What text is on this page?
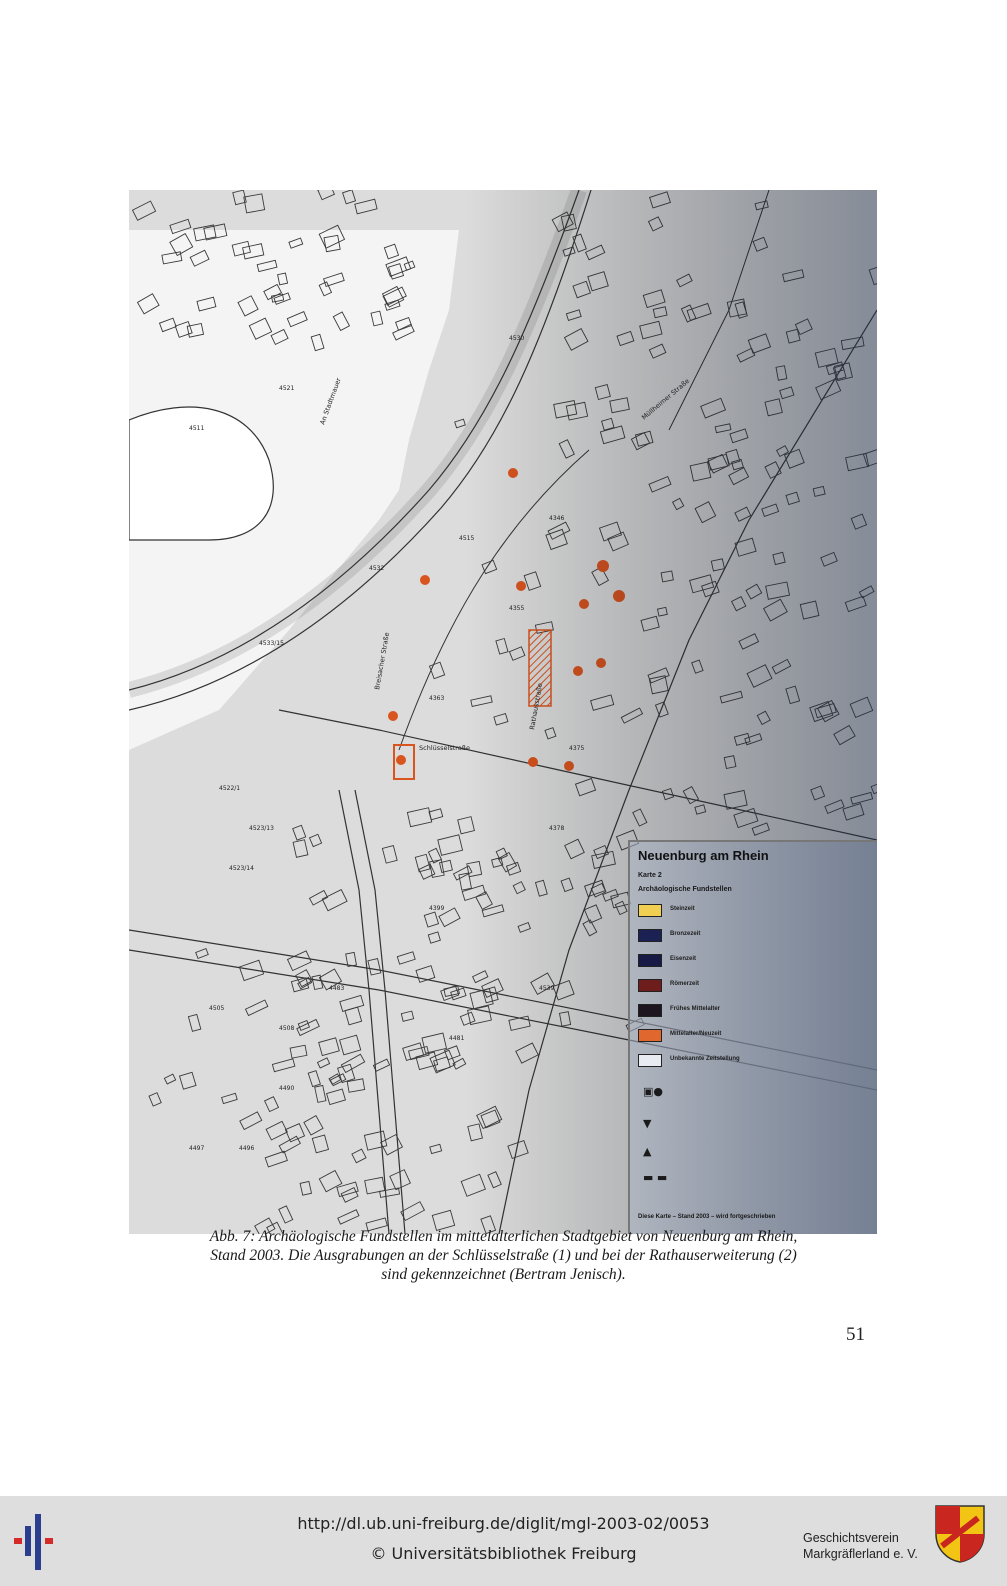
Neuenburg am Rhein
Karte 2
Archäologische Fundstellen
Steinzeit
Bronzezeit
Eisenzeit
Römerzeit
Frühes Mittelalter
Mittelalter/Neuzeit
Unbekannte Zeitstellung
▣●
▼
▲
▬ ▬
Diese Karte – Stand 2003 – wird fortgeschrieben
Abb. 7: Archäologische Fundstellen im mittelalterlichen Stadtgebiet von Neuenburg am Rhein,
Stand 2003. Die Ausgrabungen an der Schlüsselstraße (1) und bei der Rathauserweiterung (2)
sind gekennzeichnet (Bertram Jenisch).
51
http://dl.ub.uni-freiburg.de/diglit/mgl-2003-02/0053
© Universitätsbibliothek Freiburg
Geschichtsverein
Markgräflerland e. V.
